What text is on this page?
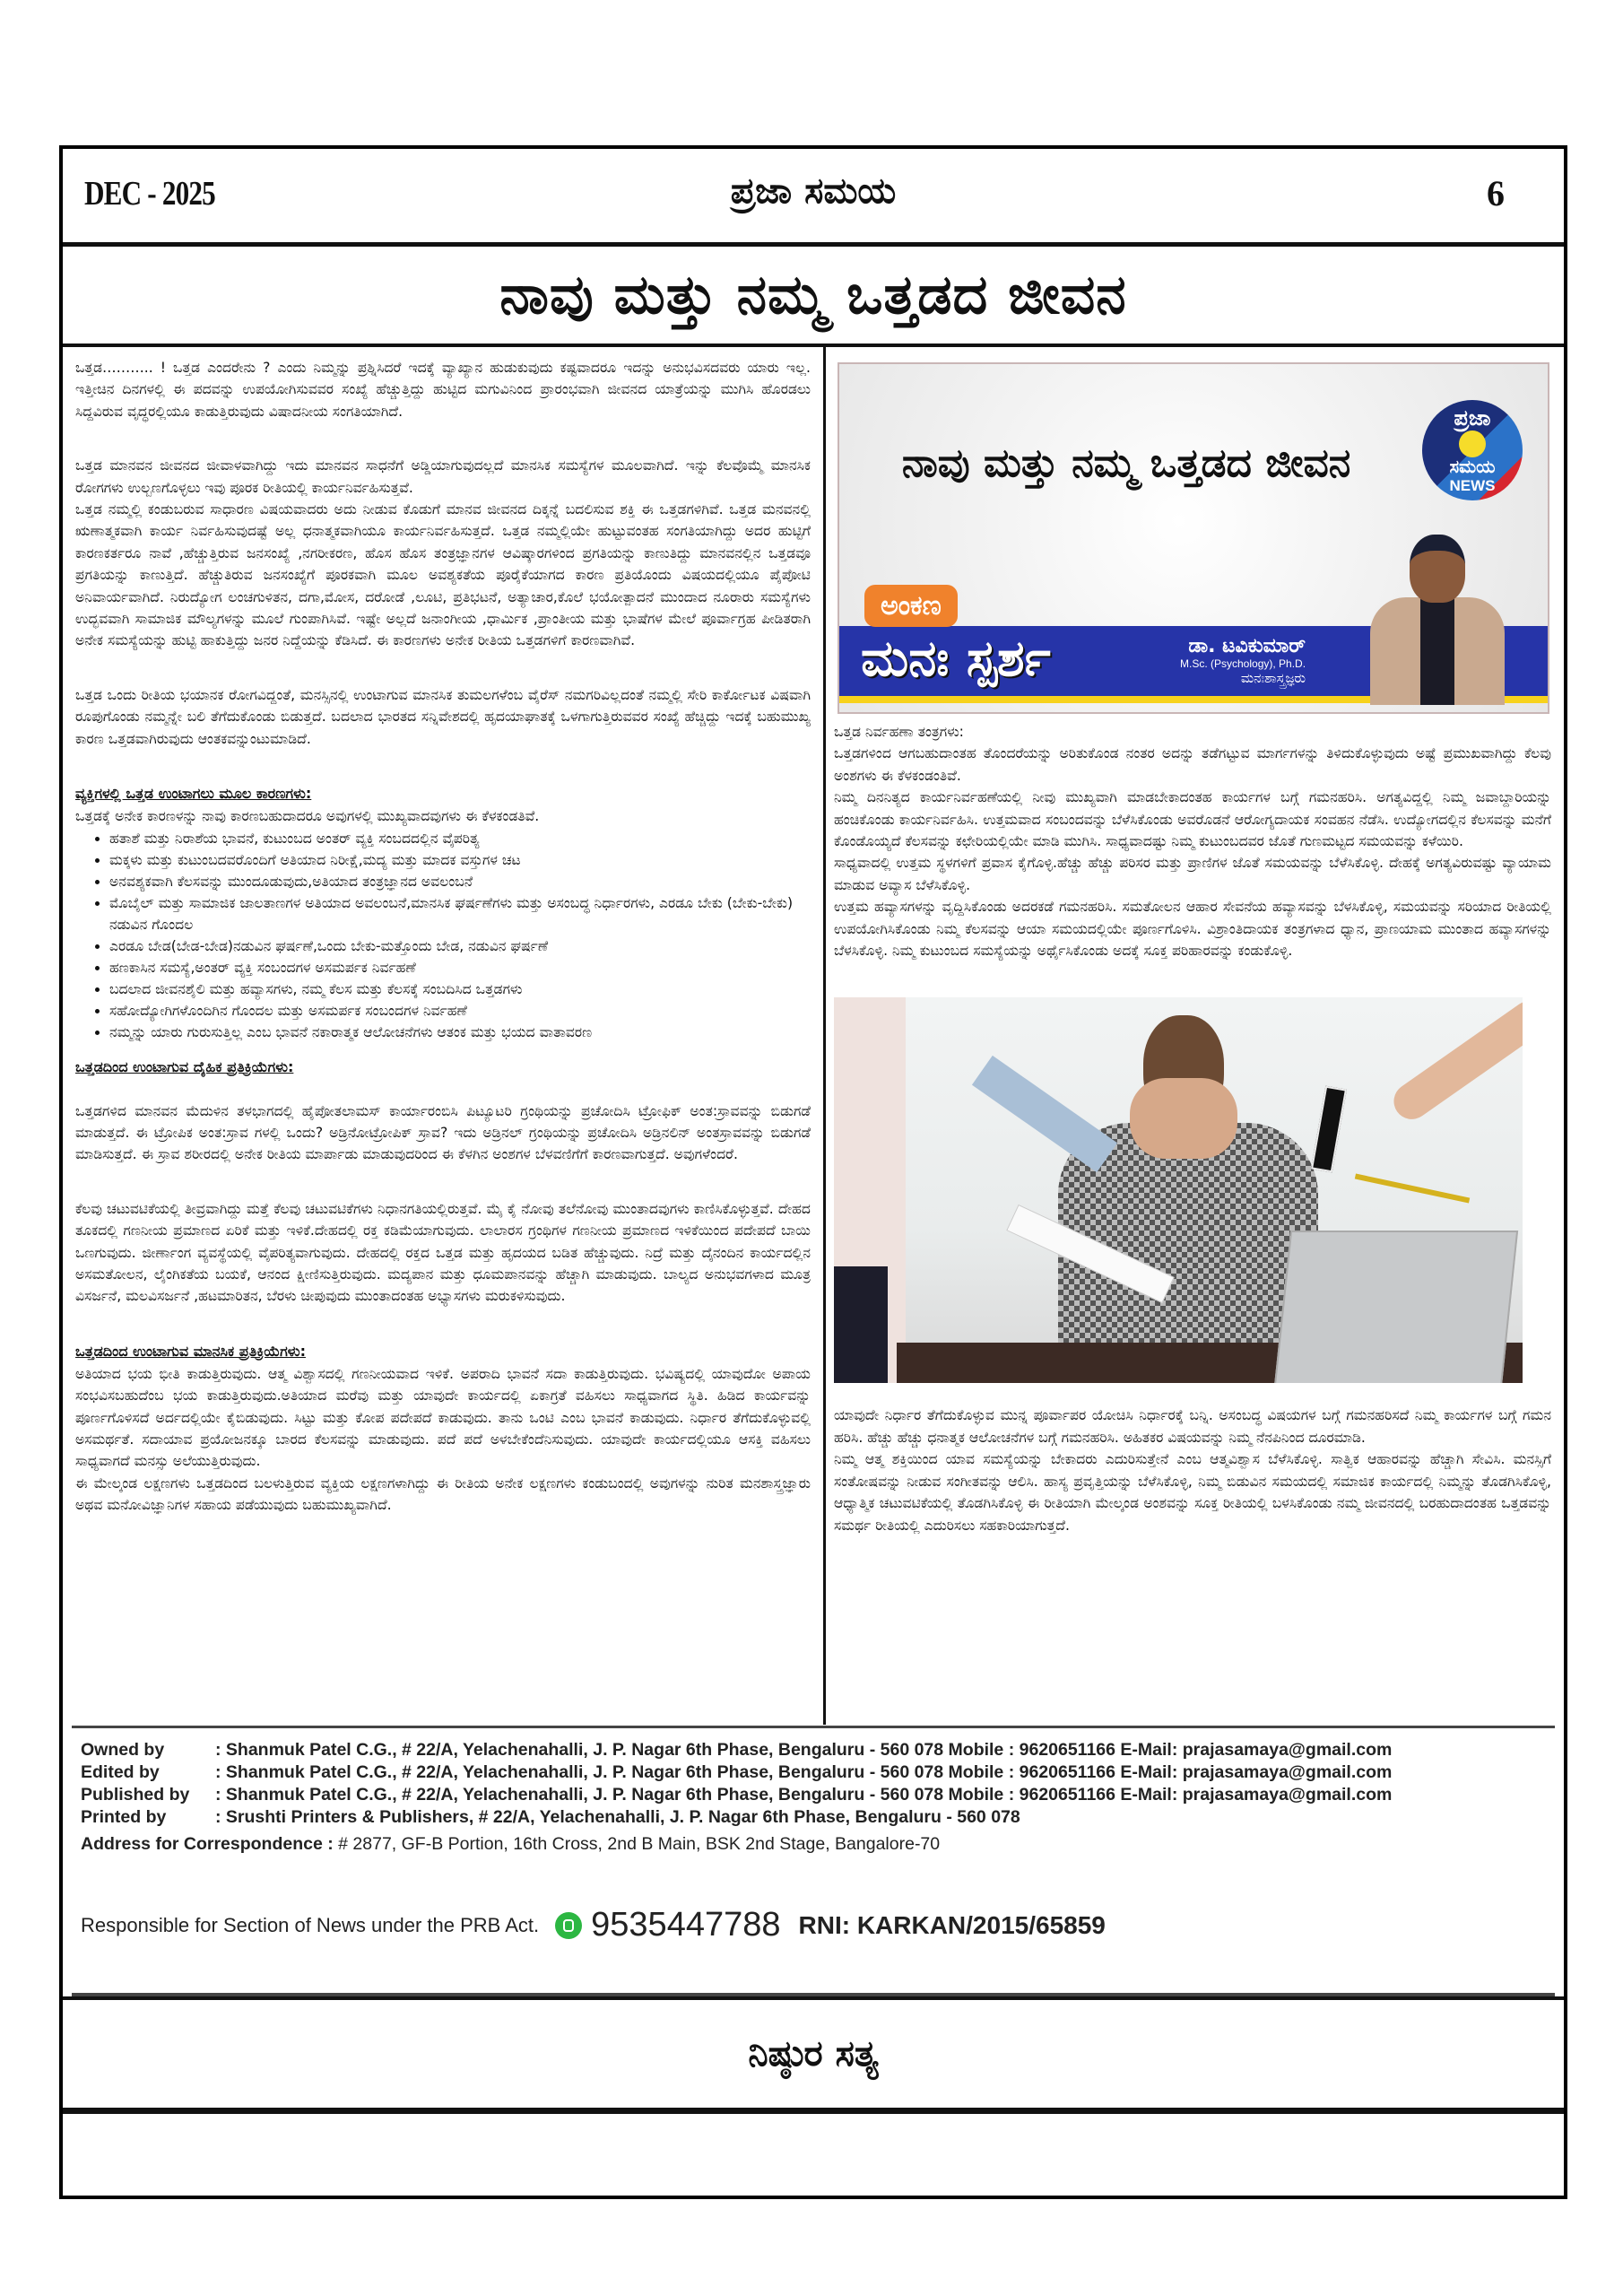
DEC - 2025	ಪ್ರಜಾ ಸಮಯ	6
ನಾವು ಮತ್ತು ನಮ್ಮ ಒತ್ತಡದ ಜೀವನ

ಒತ್ತಡ……….. ! ಒತ್ತಡ ಎಂದರೇನು ? ಎಂದು ನಿಮ್ಮನ್ನು ಪ್ರಶ್ನಿಸಿದರೆ ಇದಕ್ಕೆ ವ್ಯಾಖ್ಯಾನ ಹುಡುಕುವುದು ಕಷ್ಟವಾದರೂ ಇದನ್ನು ಅನುಭವಿಸದವರು ಯಾರು ಇಲ್ಲ. ಇತ್ತೀಚಿನ ದಿನಗಳಲ್ಲಿ ಈ ಪದವನ್ನು ಉಪಯೋಗಿಸುವವರ ಸಂಖ್ಯೆ ಹೆಚ್ಚುತ್ತಿದ್ದು ಹುಟ್ಟಿದ ಮಗುವಿನಿಂದ ಪ್ರಾರಂಭವಾಗಿ ಜೀವನದ ಯಾತ್ರೆಯನ್ನು ಮುಗಿಸಿ ಹೊರಡಲು ಸಿದ್ದವಿರುವ ವೃದ್ಧರಲ್ಲಿಯೂ ಕಾಡುತ್ತಿರುವುದು ವಿಷಾದನೀಯ ಸಂಗತಿಯಾಗಿದೆ.

ಒತ್ತಡ ಮಾನವನ ಜೀವನದ ಜೀವಾಳವಾಗಿದ್ದು ಇದು ಮಾನವನ ಸಾಧನೆಗೆ ಅಡ್ಡಿಯಾಗುವುದಲ್ಲದೆ ಮಾನಸಿಕ ಸಮಸ್ಯೆಗಳ ಮೂಲವಾಗಿದೆ. ಇನ್ನು ಕೆಲವೊಮ್ಮೆ ಮಾನಸಿಕ ರೋಗಗಳು ಉಲ್ಬಣಗೊಳ್ಳಲು ಇವು ಪೂರಕ ರೀತಿಯಲ್ಲಿ ಕಾರ್ಯನಿರ್ವಹಿಸುತ್ತವೆ.

ಒತ್ತಡ ನಮ್ಮಲ್ಲಿ ಕಂಡುಬರುವ ಸಾಧಾರಣ ವಿಷಯವಾದರು ಅದು ನೀಡುವ ಕೊಡುಗೆ ಮಾನವ ಜೀವನದ ದಿಕ್ಕನ್ನೆ ಬದಲಿಸುವ ಶಕ್ತಿ ಈ ಒತ್ತಡಗಳಿಗಿವೆ. ಒತ್ತಡ ಮನವನಲ್ಲಿ ಋಣಾತ್ಮಕವಾಗಿ ಕಾರ್ಯ ನಿರ್ವಹಿಸುವುದಷ್ಟೆ ಅಲ್ಲ ಧನಾತ್ಮಕವಾಗಿಯೂ ಕಾರ್ಯನಿರ್ವಹಿಸುತ್ತದೆ. ಒತ್ತಡ ನಮ್ಮಲ್ಲಿಯೇ ಹುಟ್ಟುವಂತಹ ಸಂಗತಿಯಾಗಿದ್ದು ಅದರ ಹುಟ್ಟಿಗೆ ಕಾರಣಕರ್ತರೂ ನಾವೆ ,ಹೆಚ್ಚುತ್ತಿರುವ ಜನಸಂಖ್ಯೆ ,ನಗರೀಕರಣ, ಹೊಸ ಹೊಸ ತಂತ್ರಜ್ಞಾನಗಳ ಆವಿಷ್ಕಾರಗಳಿಂದ ಪ್ರಗತಿಯನ್ನು ಕಾಣುತಿದ್ದು ಮಾನವನಲ್ಲಿನ ಒತ್ತಡವೂ ಪ್ರಗತಿಯನ್ನು ಕಾಣುತ್ತಿದೆ. ಹೆಚ್ಚುತಿರುವ ಜನಸಂಖ್ಯೆಗೆ ಪೂರಕವಾಗಿ ಮೂಲ ಅವಶ್ಯಕತೆಯ ಪೂರೈಕೆಯಾಗದ ಕಾರಣ ಪ್ರತಿಯೊಂದು ವಿಷಯದಲ್ಲಿಯೂ ಪೈಪೋಟಿ ಅನಿವಾರ್ಯವಾಗಿದೆ. ನಿರುದ್ಯೋಗ ಲಂಚಗುಳಿತನ, ದಗಾ,ಮೋಸ, ದರೋಡೆ ,ಲೂಟಿ, ಪ್ರತಿಭಟನೆ, ಅತ್ಯಾಚಾರ,ಕೊಲೆ ಭಯೋತ್ಪಾದನೆ ಮುಂದಾದ ನೂರಾರು ಸಮಸ್ಯೆಗಳು ಉದ್ಭವವಾಗಿ ಸಾಮಾಜಿಕ ಮೌಲ್ಯಗಳನ್ನು ಮೂಲೆ ಗುಂಪಾಗಿಸಿವೆ. ಇಷ್ಟೇ ಅಲ್ಲದೆ ಜನಾಂಗೀಯ ,ಧಾರ್ಮಿಕ ,ಪ್ರಾಂತೀಯ ಮತ್ತು ಭಾಷೆಗಳ ಮೇಲೆ ಪೂರ್ವಾಗ್ರಹ ಪೀಡಿತರಾಗಿ ಅನೇಕ ಸಮಸ್ಯೆಯನ್ನು ಹುಟ್ಟಿ ಹಾಕುತ್ತಿದ್ದು ಜನರ ನಿದ್ದೆಯನ್ನು ಕೆಡಿಸಿದೆ. ಈ ಕಾರಣಗಳು ಅನೇಕ ರೀತಿಯ ಒತ್ತಡಗಳಿಗೆ ಕಾರಣವಾಗಿವೆ.

ಒತ್ತಡ ಒಂದು ರೀತಿಯ ಭಯಾನಕ ರೋಗವಿದ್ದಂತೆ, ಮನಸ್ಸಿನಲ್ಲಿ ಉಂಟಾಗುವ ಮಾನಸಿಕ ತುಮಲಗಳೆಂಬ ವೈರೆಸ್ ನಮಗರಿವಿಲ್ಲದಂತೆ ನಮ್ಮಲ್ಲಿ ಸೇರಿ ಕಾರ್ಕೋಟಕ ವಿಷವಾಗಿ ರೂಪುಗೊಂಡು ನಮ್ಮನ್ನೇ ಬಲಿ ತೆಗೆದುಕೊಂಡು ಬಿಡುತ್ತದೆ. ಬದಲಾದ ಭಾರತದ ಸನ್ನಿವೇಶದಲ್ಲಿ ಹೃದಯಾಘಾತಕ್ಕೆ ಒಳಗಾಗುತ್ತಿರುವವರ ಸಂಖ್ಯೆ ಹೆಚ್ಚಿದ್ದು ಇದಕ್ಕೆ ಬಹುಮುಖ್ಯ ಕಾರಣ ಒತ್ತಡವಾಗಿರುವುದು ಆಂತಕವನ್ನುಂಟುಮಾಡಿದೆ.

ವ್ಯಕ್ತಿಗಳಲ್ಲಿ ಒತ್ತಡ ಉಂಟಾಗಲು ಮೂಲ ಕಾರಣಗಳು:

ಒತ್ತಡಕ್ಕೆ ಅನೇಕ ಕಾರಣಳನ್ನು ನಾವು ಕಾರಣಬಹುದಾದರೂ ಅವುಗಳಲ್ಲಿ ಮುಖ್ಯವಾದವುಗಳು ಈ ಕೆಳಕಂಡತಿವೆ.

• ಹತಾಶೆ ಮತ್ತು ನಿರಾಶೆಯ ಭಾವನೆ, ಕುಟುಂಬದ ಅಂತರ್ ವ್ಯಕ್ತಿ ಸಂಬದದಲ್ಲಿನ ವೈಪರಿತ್ಯ
• ಮಕ್ಕಳು ಮತ್ತು ಕುಟುಂಬದವರೊಂದಿಗೆ ಅತಿಯಾದ ನಿರೀಕ್ಷೆ,ಮದ್ಯ ಮತ್ತು ಮಾದಕ ವಸ್ತುಗಳ ಚಟ
• ಅನವಶ್ಯಕವಾಗಿ ಕೆಲಸವನ್ನು ಮುಂದೂಡುವುದು,ಅತಿಯಾದ ತಂತ್ರಜ್ಞಾನದ ಅವಲಂಬನೆ
• ಮೊಬೈಲ್ ಮತ್ತು ಸಾಮಾಜಿಕ ಜಾಲತಾಣಗಳ ಅತಿಯಾದ ಅವಲಂಬನೆ,ಮಾನಸಿಕ ಘರ್ಷಣೆಗಳು ಮತ್ತು ಅಸಂಬದ್ಧ ನಿರ್ಧಾರಗಳು, ಎರಡೂ ಬೇಕು (ಬೇಕು-ಬೇಕು) ನಡುವಿನ ಗೊಂದಲ
• ಎರಡೂ ಬೇಡ(ಬೇಡ-ಬೇಡ)ನಡುವಿನ ಘರ್ಷಣೆ,ಒಂದು ಬೇಕು-ಮತ್ತೊಂದು ಬೇಡ, ನಡುವಿನ ಘರ್ಷಣೆ
• ಹಣಕಾಸಿನ ಸಮಸ್ಯೆ,ಅಂತರ್ ವ್ಯಕ್ತಿ ಸಂಬಂದಗಳ ಅಸಮರ್ಪಕ ನಿರ್ವಹಣೆ
• ಬದಲಾದ ಜೀವನಶೈಲಿ ಮತ್ತು ಹವ್ಯಾಸಗಳು, ನಮ್ಮ ಕೆಲಸ ಮತ್ತು ಕೆಲಸಕ್ಕೆ ಸಂಬದಿಸಿದ ಒತ್ತಡಗಳು
• ಸಹೋದ್ಯೋಗಿಗಳೊಂದಿಗಿನ ಗೊಂದಲ ಮತ್ತು ಅಸಮರ್ಪಕ ಸಂಬಂದಗಳ ನಿರ್ವಹಣೆ
• ನಮ್ಮನ್ನು ಯಾರು ಗುರುಸುತ್ತಿಲ್ಲ ಎಂಬ ಭಾವನೆ ನಕಾರಾತ್ಮಕ ಆಲೋಚನೆಗಳು ಆತಂಕ ಮತ್ತು ಭಯದ ವಾತಾವರಣ
ಒತ್ತಡದಿಂದ ಉಂಟಾಗುವ ದೈಹಿಕ ಪ್ರತಿಕ್ರಿಯೆಗಳು:

ಒತ್ತಡಗಳಿದ ಮಾನವನ ಮೆದುಳಿನ ತಳಭಾಗದಲ್ಲಿ ಹೈಪೋತಲಾಮಸ್ ಕಾರ್ಯಾರಂಬಿಸಿ ಪಿಟ್ಯೂಟರಿ ಗ್ರಂಥಿಯನ್ನು ಪ್ರಚೋದಿಸಿ ಟ್ರೋಫಿಕ್ ಅಂತ:ಸ್ರಾವವನ್ನು ಬಿಡುಗಡೆ ಮಾಡುತ್ತದೆ. ಈ ಟ್ರೋಪಿಕ ಅಂತ:ಸ್ರಾವ ಗಳಲ್ಲಿ ಒಂದು? ಅಡ್ರಿನೋಟ್ರೋಪಿಕ್ ಸ್ರಾವ? ಇದು ಅಡ್ರಿನಲ್ ಗ್ರಂಥಿಯನ್ನು ಪ್ರಚೋದಿಸಿ ಅಡ್ರಿನಲಿನ್ ಅಂತಸ್ರಾವವನ್ನು ಬಿಡುಗಡೆ ಮಾಡಿಸುತ್ತದೆ. ಈ ಸ್ರಾವ ಶರೀರದಲ್ಲಿ ಅನೇಕ ರೀತಿಯ ಮಾರ್ಪಾಡು ಮಾಡುವುದರಿಂದ ಈ ಕೆಳಗಿನ ಅಂಶಗಳ ಬೆಳವಣಿಗೆಗೆ ಕಾರಣವಾಗುತ್ತದೆ. ಅವುಗಳೆಂದರೆ.

ಕೆಲವು ಚಟುವಟಿಕೆಯಲ್ಲಿ ತೀವ್ರವಾಗಿದ್ದು ಮತ್ತೆ ಕೆಲವು ಚಟುವಟಿಕೆಗಳು ನಿಧಾನಗತಿಯಲ್ಲಿರುತ್ತವೆ. ಮೈ ಕೈ ನೋವು ತಲೆನೋವು ಮುಂತಾದವುಗಳು ಕಾಣಿಸಿಕೊಳ್ಳುತ್ತವೆ. ದೇಹದ ತೂಕದಲ್ಲಿ ಗಣನೀಯ ಪ್ರಮಾಣದ ಏರಿಕೆ ಮತ್ತು ಇಳಿಕೆ.ದೇಹದಲ್ಲಿ ರಕ್ತ ಕಡಿಮೆಯಾಗುವುದು. ಲಾಲಾರಸ ಗ್ರಂಥಿಗಳ ಗಣನೀಯ ಪ್ರಮಾಣದ ಇಳಿಕೆಯಿಂದ ಪದೇಪದೆ ಬಾಯಿ ಒಣಗುವುದು. ಜೀರ್ಣಾಂಗ ವ್ಯವಸ್ಥೆಯಲ್ಲಿ ವೈಪರಿತ್ಯವಾಗುವುದು. ದೇಹದಲ್ಲಿ ರಕ್ತದ ಒತ್ತಡ ಮತ್ತು ಹೃದಯದ ಬಡಿತ ಹೆಚ್ಚುವುದು. ನಿದ್ರೆ ಮತ್ತು ದೈನಂದಿನ ಕಾರ್ಯದಲ್ಲಿನ ಅಸಮತೋಲನ, ಲೈಂಗಿಕತೆಯ ಬಯಕೆ, ಆನಂದ ಕ್ಷೀಣಿಸುತ್ತಿರುವುದು. ಮದ್ಯಪಾನ ಮತ್ತು ಧೂಮಪಾನವನ್ನು ಹೆಚ್ಚಾಗಿ ಮಾಡುವುದು. ಬಾಲ್ಯದ ಅನುಭವಗಳಾದ ಮೂತ್ರ ವಿಸರ್ಜನೆ, ಮಲವಿಸರ್ಜನೆ ,ಹಟಮಾರಿತನ, ಬೆರಳು ಚೀಪುವುದು ಮುಂತಾದಂತಹ ಅಭ್ಯಾಸಗಳು ಮರುಕಳಿಸುವುದು.

ಒತ್ತಡದಿಂದ ಉಂಟಾಗುವ ಮಾನಸಿಕ ಪ್ರತಿಕ್ರಿಯೆಗಳು:

ಅತಿಯಾದ ಭಯ ಭೀತಿ ಕಾಡುತ್ತಿರುವುದು. ಆತ್ಮ ವಿಶ್ವಾಸದಲ್ಲಿ ಗಣನೀಯವಾದ ಇಳಿಕೆ. ಅಪರಾದಿ ಭಾವನೆ ಸದಾ ಕಾಡುತ್ತಿರುವುದು. ಭವಿಷ್ಯದಲ್ಲಿ ಯಾವುದೋ ಅಪಾಯ ಸಂಭವಿಸಬಹುದೆಂಬ ಭಯ ಕಾಡುತ್ತಿರುವುದು.ಅತಿಯಾದ ಮರೆವು ಮತ್ತು ಯಾವುದೇ ಕಾರ್ಯದಲ್ಲಿ ಏಕಾಗ್ರತೆ ವಹಿಸಲು ಸಾಧ್ಯವಾಗದ ಸ್ಥಿತಿ. ಹಿಡಿದ ಕಾರ್ಯವನ್ನು ಪೂರ್ಣಗೊಳಿಸದೆ ಅರ್ದದಲ್ಲಿಯೇ ಕೈಬಿಡುವುದು. ಸಿಟ್ಟು ಮತ್ತು ಕೋಪ ಪದೇಪದೆ ಕಾಡುವುದು. ತಾನು ಒಂಟಿ ಎಂಬ ಭಾವನೆ ಕಾಡುವುದು. ನಿರ್ಧಾರ ತೆಗೆದುಕೊಳ್ಳುವಲ್ಲಿ ಅಸಮರ್ಥತೆ. ಸದಾಯಾವ ಪ್ರಯೋಜನಕ್ಕೂ ಬಾರದ ಕೆಲಸವನ್ನು ಮಾಡುವುದು. ಪದೆ ಪದೆ ಅಳಬೇಕೆಂದೆನಿಸುವುದು. ಯಾವುದೇ ಕಾರ್ಯದಲ್ಲಿಯೂ ಆಸಕ್ತಿ ವಹಿಸಲು ಸಾಧ್ಯವಾಗದೆ ಮನಸ್ಸು ಅಲೆಯುತ್ತಿರುವುದು.

ಈ ಮೇಲ್ಕಂಡ ಲಕ್ಷಣಗಳು ಒತ್ತಡದಿಂದ ಬಲಳುತ್ತಿರುವ ವ್ಯಕ್ತಿಯ ಲಕ್ಷಣಗಳಾಗಿದ್ದು ಈ ರೀತಿಯ ಅನೇಕ ಲಕ್ಷಣಗಳು ಕಂಡುಬಂದಲ್ಲಿ ಅವುಗಳನ್ನು ನುರಿತ ಮನಶಾಸ್ತ್ರಜ್ಞಾರು ಅಥವ ಮನೋವಿಜ್ಞಾನಿಗಳ ಸಹಾಯ ಪಡೆಯುವುದು ಬಹುಮುಖ್ಯವಾಗಿದೆ.

ನಾವು ಮತ್ತು ನಮ್ಮ ಒತ್ತಡದ ಜೀವನ
ಪ್ರಜಾ
ಸಮಯ
NEWS
ಅಂಕಣ
ಮನಃ ಸ್ಪರ್ಶ	ಡಾ. ಟವಿಕುಮಾರ್
M.Sc. (Psychology), Ph.D.
ಮನಃಶಾಸ್ತ್ರಜ್ಞರು

ಒತ್ತಡ ನಿರ್ವಹಣಾ ತಂತ್ರಗಳು:

ಒತ್ತಡಗಳಿಂದ ಆಗಬಹುದಾಂತಹ ತೊಂದರೆಯನ್ನು ಅರಿತುಕೊಂಡ ನಂತರ ಅದನ್ನು ತಡೆಗಟ್ಟುವ ಮಾರ್ಗಗಳನ್ನು ತಿಳಿದುಕೊಳ್ಳುವುದು ಅಷ್ಟೆ ಪ್ರಮುಖವಾಗಿದ್ದು ಕೆಲವು ಅಂಶಗಳು ಈ ಕೆಳಕಂಡಂತಿವೆ.

ನಿಮ್ಮ ದಿನನಿತ್ಯದ ಕಾರ್ಯನಿರ್ವಹಣೆಯಲ್ಲಿ ನೀವು ಮುಖ್ಯವಾಗಿ ಮಾಡಬೇಕಾದಂತಹ ಕಾರ್ಯಗಳ ಬಗ್ಗೆ ಗಮನಹರಿಸಿ. ಅಗತ್ಯವಿದ್ದಲ್ಲಿ ನಿಮ್ಮ ಜವಾಬ್ದಾರಿಯನ್ನು ಹಂಚಿಕೊಂಡು ಕಾರ್ಯನಿರ್ವಹಿಸಿ. ಉತ್ತಮವಾದ ಸಂಬಂದವನ್ನು ಬೆಳೆಸಿಕೊಂಡು ಅವರೊಡನೆ ಆರೋಗ್ಯದಾಯಕ ಸಂವಹನ ನೆಡೆಸಿ. ಉದ್ಯೋಗದಲ್ಲಿನ ಕೆಲಸವನ್ನು ಮನೆಗೆ ಕೊಂಡೊಯ್ಯದೆ ಕೆಲಸವನ್ನು ಕಛೇರಿಯಲ್ಲಿಯೇ ಮಾಡಿ ಮುಗಿಸಿ. ಸಾಧ್ಯವಾದಷ್ಟು ನಿಮ್ಮ ಕುಟುಂಬದವರ ಜೊತೆ ಗುಣಮಟ್ಟದ ಸಮಯವನ್ನು ಕಳೆಯಿರಿ.

ಸಾಧ್ಯವಾದಲ್ಲಿ ಉತ್ತಮ ಸ್ಥಳಗಳಿಗೆ ಪ್ರವಾಸ ಕೈಗೊಳ್ಳಿ.ಹೆಚ್ಚು ಹೆಚ್ಚು ಪರಿಸರ ಮತ್ತು ಪ್ರಾಣಿಗಳ ಜೊತೆ ಸಮಯವನ್ನು ಬೆಳೆಸಿಕೊಳ್ಳಿ. ದೇಹಕ್ಕೆ ಅಗತ್ಯವಿರುವಷ್ಟು ವ್ಯಾಯಾಮ ಮಾಡುವ ಅವ್ಯಾಸ ಬೆಳೆಸಿಕೊಳ್ಳಿ.

ಉತ್ತಮ ಹವ್ಯಾಸಗಳನ್ನು ವೃದ್ದಿಸಿಕೊಂಡು ಅದರಕಡೆ ಗಮನಹರಿಸಿ. ಸಮತೋಲನ ಆಹಾರ ಸೇವನೆಯ ಹವ್ಯಾಸವನ್ನು ಬೆಳಸಿಕೊಳ್ಳಿ, ಸಮಯವನ್ನು ಸರಿಯಾದ ರೀತಿಯಲ್ಲಿ ಉಪಯೋಗಿಸಿಕೊಂಡು ನಿಮ್ಮ ಕೆಲಸವನ್ನು ಆಯಾ ಸಮಯದಲ್ಲಿಯೇ ಪೂರ್ಣಗೊಳಿಸಿ. ವಿಶ್ರಾಂತಿದಾಯಕ ತಂತ್ರಗಳಾದ ಧ್ಯಾನ, ಪ್ರಾಣಯಾಮ ಮುಂತಾದ ಹವ್ಯಾಸಗಳನ್ನು ಬೆಳಸಿಕೊಳ್ಳಿ. ನಿಮ್ಮ ಕುಟುಂಬದ ಸಮಸ್ಯೆಯನ್ನು ಅರ್ಥೈಸಿಕೊಂಡು ಅದಕ್ಕೆ ಸೂಕ್ತ ಪರಿಹಾರವನ್ನು ಕಂಡುಕೊಳ್ಳಿ.

ಯಾವುದೇ ನಿರ್ಧಾರ ತೆಗೆದುಕೊಳ್ಳುವ ಮುನ್ನ ಪೂರ್ವಾಪರ ಯೋಚಿಸಿ ನಿರ್ಧಾರಕ್ಕೆ ಬನ್ನಿ. ಅಸಂಬದ್ಧ ವಿಷಯಗಳ ಬಗ್ಗೆ ಗಮನಹರಿಸದೆ ನಿಮ್ಮ ಕಾರ್ಯಗಳ ಬಗ್ಗೆ ಗಮನ ಹರಿಸಿ. ಹೆಚ್ಚು ಹೆಚ್ಚು ಧನಾತ್ಮಕ ಆಲೋಚನೆಗಳ ಬಗ್ಗೆ ಗಮನಹರಿಸಿ. ಅಹಿತಕರ ವಿಷಯವನ್ನು ನಿಮ್ಮ ನೆನಪಿನಿಂದ ದೂರಮಾಡಿ.

ನಿಮ್ಮ ಆತ್ಮ ಶಕ್ತಿಯಿಂದ ಯಾವ ಸಮಸ್ಯೆಯನ್ನು ಬೇಕಾದರು ಎದುರಿಸುತ್ತೇನೆ ಎಂಬ ಆತ್ಮವಿಶ್ವಾಸ ಬೆಳೆಸಿಕೊಳ್ಳಿ. ಸಾತ್ವಿಕ ಆಹಾರವನ್ನು ಹೆಚ್ಚಾಗಿ ಸೇವಿಸಿ. ಮನಸ್ಸಿಗೆ ಸಂತೋಷವನ್ನು ನೀಡುವ ಸಂಗೀತವನ್ನು ಆಲಿಸಿ. ಹಾಸ್ಯ ಪ್ರವೃತ್ತಿಯನ್ನು ಬೆಳೆಸಿಕೊಳ್ಳಿ, ನಿಮ್ಮ ಬಿಡುವಿನ ಸಮಯದಲ್ಲಿ ಸಮಾಜಿಕ ಕಾರ್ಯದಲ್ಲಿ ನಿಮ್ಮನ್ನು ತೊಡಗಿಸಿಕೊಳ್ಳಿ, ಆಧ್ಯಾತ್ಮಿಕ ಚಟುವಟಿಕೆಯಲ್ಲಿ ತೊಡಗಿಸಿಕೊಳ್ಳಿ ಈ ರೀತಿಯಾಗಿ ಮೇಲ್ಕಂಡ ಅಂಶವನ್ನು ಸೂಕ್ತ ರೀತಿಯಲ್ಲಿ ಬಳಸಿಕೊಂಡು ನಮ್ಮ ಜೀವನದಲ್ಲಿ ಬರಹುದಾದಂತಹ ಒತ್ತಡವನ್ನು ಸಮರ್ಥ ರೀತಿಯಲ್ಲಿ ಎದುರಿಸಲು ಸಹಕಾರಿಯಾಗುತ್ತದೆ.

Owned by	: Shanmuk Patel C.G., # 22/A, Yelachenahalli, J. P. Nagar 6th Phase, Bengaluru - 560 078 Mobile : 9620651166 E-Mail: prajasamaya@gmail.com
Edited by	: Shanmuk Patel C.G., # 22/A, Yelachenahalli, J. P. Nagar 6th Phase, Bengaluru - 560 078 Mobile : 9620651166 E-Mail: prajasamaya@gmail.com
Published by	: Shanmuk Patel C.G., # 22/A, Yelachenahalli, J. P. Nagar 6th Phase, Bengaluru - 560 078 Mobile : 9620651166 E-Mail: prajasamaya@gmail.com
Printed by	: Srushti Printers & Publishers, # 22/A, Yelachenahalli, J. P. Nagar 6th Phase, Bengaluru - 560 078
Address for Correspondence : # 2877, GF-B Portion, 16th Cross, 2nd B Main, BSK 2nd Stage, Bangalore-70
Responsible for Section of News under the PRB Act. 9535447788 RNI: KARKAN/2015/65859
ನಿಷ್ಠುರ ಸತ್ಯ
